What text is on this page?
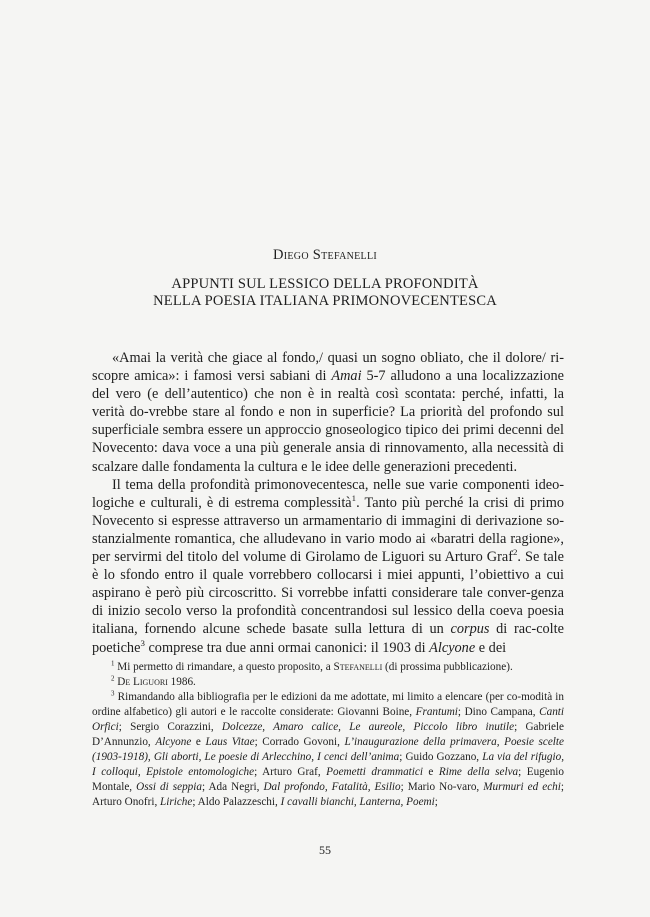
Diego Stefanelli
APPUNTI SUL LESSICO DELLA PROFONDITÀ
NELLA POESIA ITALIANA PRIMONOVECENTESCA

«Amai la verità che giace al fondo,/ quasi un sogno obliato, che il dolore/ ri-scopre amica»: i famosi versi sabiani di Amai 5-7 alludono a una localizzazione del vero (e dell’autentico) che non è in realtà così scontata: perché, infatti, la verità do-vrebbe stare al fondo e non in superficie? La priorità del profondo sul superficiale sembra essere un approccio gnoseologico tipico dei primi decenni del Novecento: dava voce a una più generale ansia di rinnovamento, alla necessità di scalzare dalle fondamenta la cultura e le idee delle generazioni precedenti.

Il tema della profondità primonovecentesca, nelle sue varie componenti ideo-logiche e culturali, è di estrema complessità$^1$. Tanto più perché la crisi di primo Novecento si espresse attraverso un armamentario di immagini di derivazione so-stanzialmente romantica, che alludevano in vario modo ai «baratri della ragione», per servirmi del titolo del volume di Girolamo de Liguori su Arturo Graf$^2$. Se tale è lo sfondo entro il quale vorrebbero collocarsi i miei appunti, l’obiettivo a cui aspirano è però più circoscritto. Si vorrebbe infatti considerare tale conver-genza di inizio secolo verso la profondità concentrandosi sul lessico della coeva poesia italiana, fornendo alcune schede basate sulla lettura di un corpus di rac-colte poetiche$^3$ comprese tra due anni ormai canonici: il 1903 di Alcyone e dei

$^1$ Mi permetto di rimandare, a questo proposito, a Stefanelli (di prossima pubblicazione).

$^2$ De Liguori 1986.

$^3$ Rimandando alla bibliografia per le edizioni da me adottate, mi limito a elencare (per co-modità in ordine alfabetico) gli autori e le raccolte considerate: Giovanni Boine, Frantumi; Dino Campana, Canti Orfici; Sergio Corazzini, Dolcezze, Amaro calice, Le aureole, Piccolo libro inutile; Gabriele D’Annunzio, Alcyone e Laus Vitae; Corrado Govoni, L’inaugurazione della primavera, Poesie scelte (1903-1918), Gli aborti, Le poesie di Arlecchino, I cenci dell’anima; Guido Gozzano, La via del rifugio, I colloqui, Epistole entomologiche; Arturo Graf, Poemetti drammatici e Rime della selva; Eugenio Montale, Ossi di seppia; Ada Negri, Dal profondo, Fatalità, Esilio; Mario No-varo, Murmuri ed echi; Arturo Onofri, Liriche; Aldo Palazzeschi, I cavalli bianchi, Lanterna, Poemi;

55
